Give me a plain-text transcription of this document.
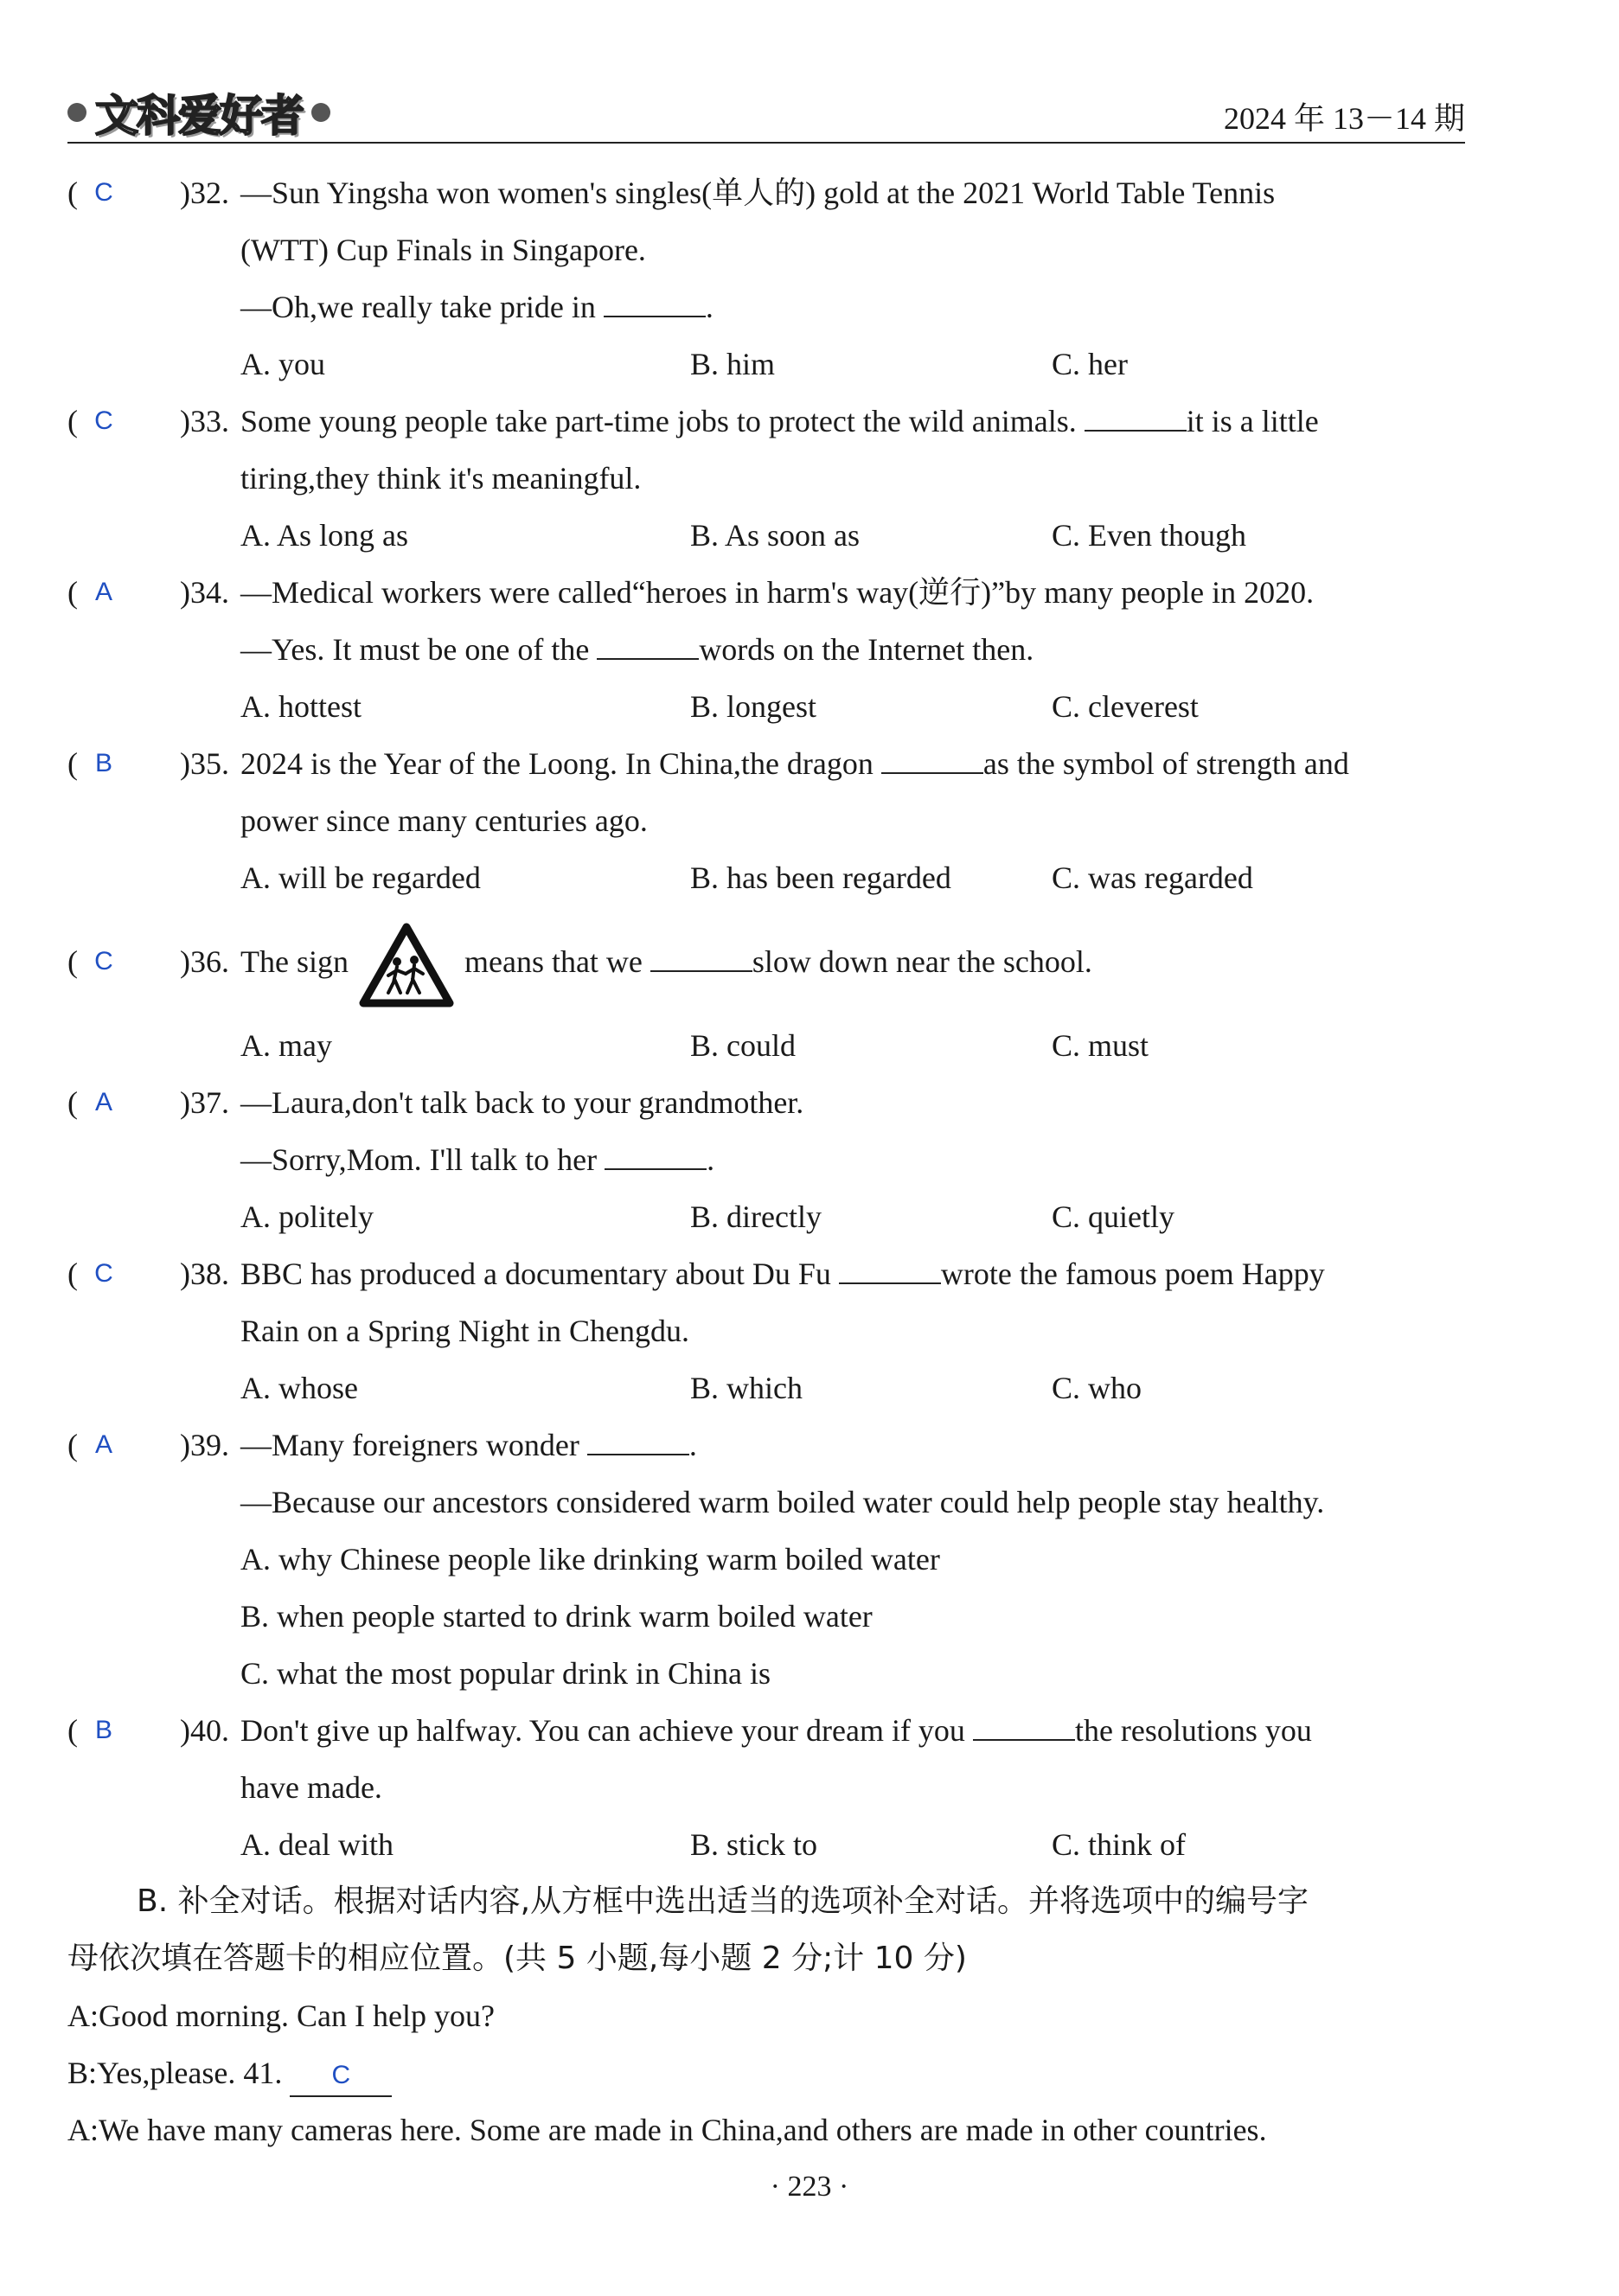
文科爱好者	2024 年 13－14 期
( C	)32. —Sun Yingsha won women's singles(单人的) gold at the 2021 World Table Tennis
(WTT) Cup Finals in Singapore.
—Oh,we really take pride in	.
A. you	B. him	C. her
( C	)33. Some young people take part-time jobs to protect the wild animals.	it is a little
tiring,they think it's meaningful.
A. As long as	B. As soon as	C. Even though
( A	)34. —Medical workers were called“heroes in harm's way(逆行)”by many people in 2020.
—Yes. It must be one of the	words on the Internet then.
A. hottest	B. longest	C. cleverest
( B	)35. 2024 is the Year of the Loong. In China,the dragon	as the symbol of strength and
power since many centuries ago.
A. will be regarded	B. has been regarded	C. was regarded
( C	)36. The sign	means that we	slow down near the school.
A. may	B. could	C. must
( A	)37. —Laura,don't talk back to your grandmother.
—Sorry,Mom. I'll talk to her	.
A. politely	B. directly	C. quietly
( C	)38. BBC has produced a documentary about Du Fu	wrote the famous poem Happy
Rain on a Spring Night in Chengdu.
A. whose	B. which	C. who
( A	)39. —Many foreigners wonder	.
—Because our ancestors considered warm boiled water could help people stay healthy.
A. why Chinese people like drinking warm boiled water
B. when people started to drink warm boiled water
C. what the most popular drink in China is
( B	)40. Don't give up halfway. You can achieve your dream if you	the resolutions you
have made.
A. deal with	B. stick to	C. think of
B. 补全对话。根据对话内容,从方框中选出适当的选项补全对话。并将选项中的编号字
母依次填在答题卡的相应位置。(共 5 小题,每小题 2 分;计 10 分)
A:Good morning. Can I help you?
B:Yes,please. 41. C
A:We have many cameras here. Some are made in China,and others are made in other countries.
· 223 ·
